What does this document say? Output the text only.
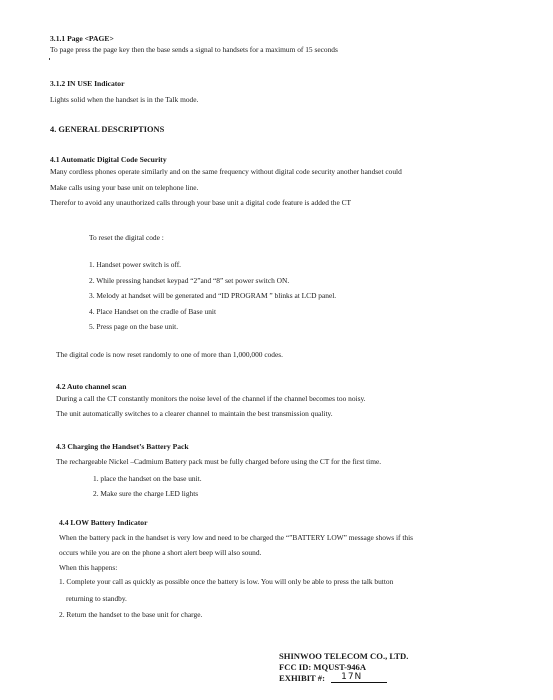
3.1.1 Page <PAGE>
To page press the page key then the base sends a signal to handsets for a maximum of 15 seconds
3.1.2 IN USE Indicator
Lights solid when the handset is in the Talk mode.
4. GENERAL DESCRIPTIONS
4.1 Automatic Digital Code Security
Many cordless phones operate similarly and on the same frequency without digital code security another handset could
Make calls using your base unit on telephone line.
Therefor to avoid any unauthorized calls through your base unit a digital code feature is added the CT
To reset the digital code :
1. Handset power switch is off.
2. While pressing handset keypad “2”and “8” set power switch ON.
3. Melody at handset will be generated and “ID PROGRAM ” blinks at LCD panel.
4. Place Handset on the cradle of Base unit
5. Press page on the base unit.
The digital code is now reset randomly to one of more than 1,000,000 codes.
4.2 Auto channel scan
During a call the CT constantly monitors the noise level of the channel if the channel becomes too noisy.
The unit automatically switches to a clearer channel to maintain the best transmission quality.
4.3 Charging the Handset’s Battery Pack
The rechargeable Nickel –Cadmium Battery pack must be fully charged before using the CT for the first time.
1. place the handset on the base unit.
2. Make sure the charge LED lights
4.4 LOW Battery Indicator
When the battery pack in the handset is very low and need to be charged the “”BATTERY LOW” message shows if this
occurs while you are on the phone a short alert beep will also sound.
When this happens:
1. Complete your call as quickly as possible once the battery is low. You will only be able to press the talk button
returning to standby.
2. Return the handset to the base unit for charge.
SHINWOO TELECOM CO., LTD.
FCC ID: MQUST-946A
EXHIBIT #: 17N
